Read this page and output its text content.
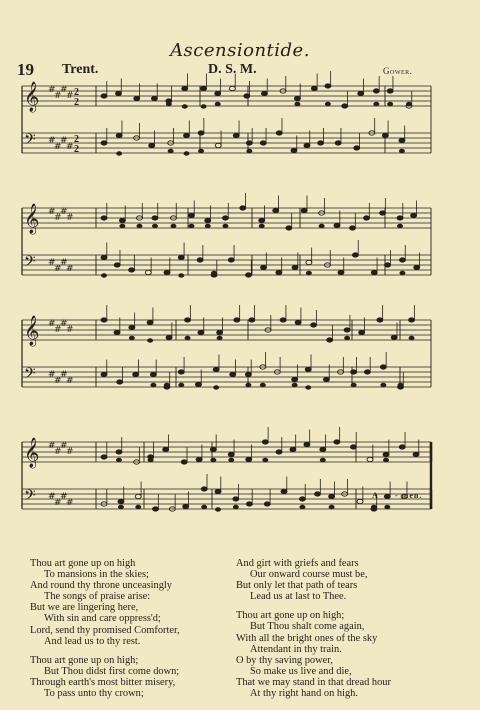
Ascensiontide.
19 Trent.	D. S. M.	Gower.
𝄞 #
#
#
# 2
2
𝄢 #
#
#
#
2
2
𝄞 #
#
#
#
𝄢 #
#
#
#
𝄞 #
#
#
#
𝄢 #
#
#
#
𝄞 #
#
#
#
𝄢 #
#
#
#
A - men.
Thou art gone up on high
To mansions in the skies;
And round thy throne unceasingly
The songs of praise arise:
But we are lingering here,
With sin and care oppress'd;
Lord, send thy promised Comforter,
And lead us to thy rest.
Thou art gone up on high;
But Thou didst first come down;
Through earth's most bitter misery,
To pass unto thy crown;
And girt with griefs and fears
Our onward course must be,
But only let that path of tears
Lead us at last to Thee.
Thou art gone up on high;
But Thou shalt come again,
With all the bright ones of the sky
Attendant in thy train.
O by thy saving power,
So make us live and die,
That we may stand in that dread hour
At thy right hand on high.
